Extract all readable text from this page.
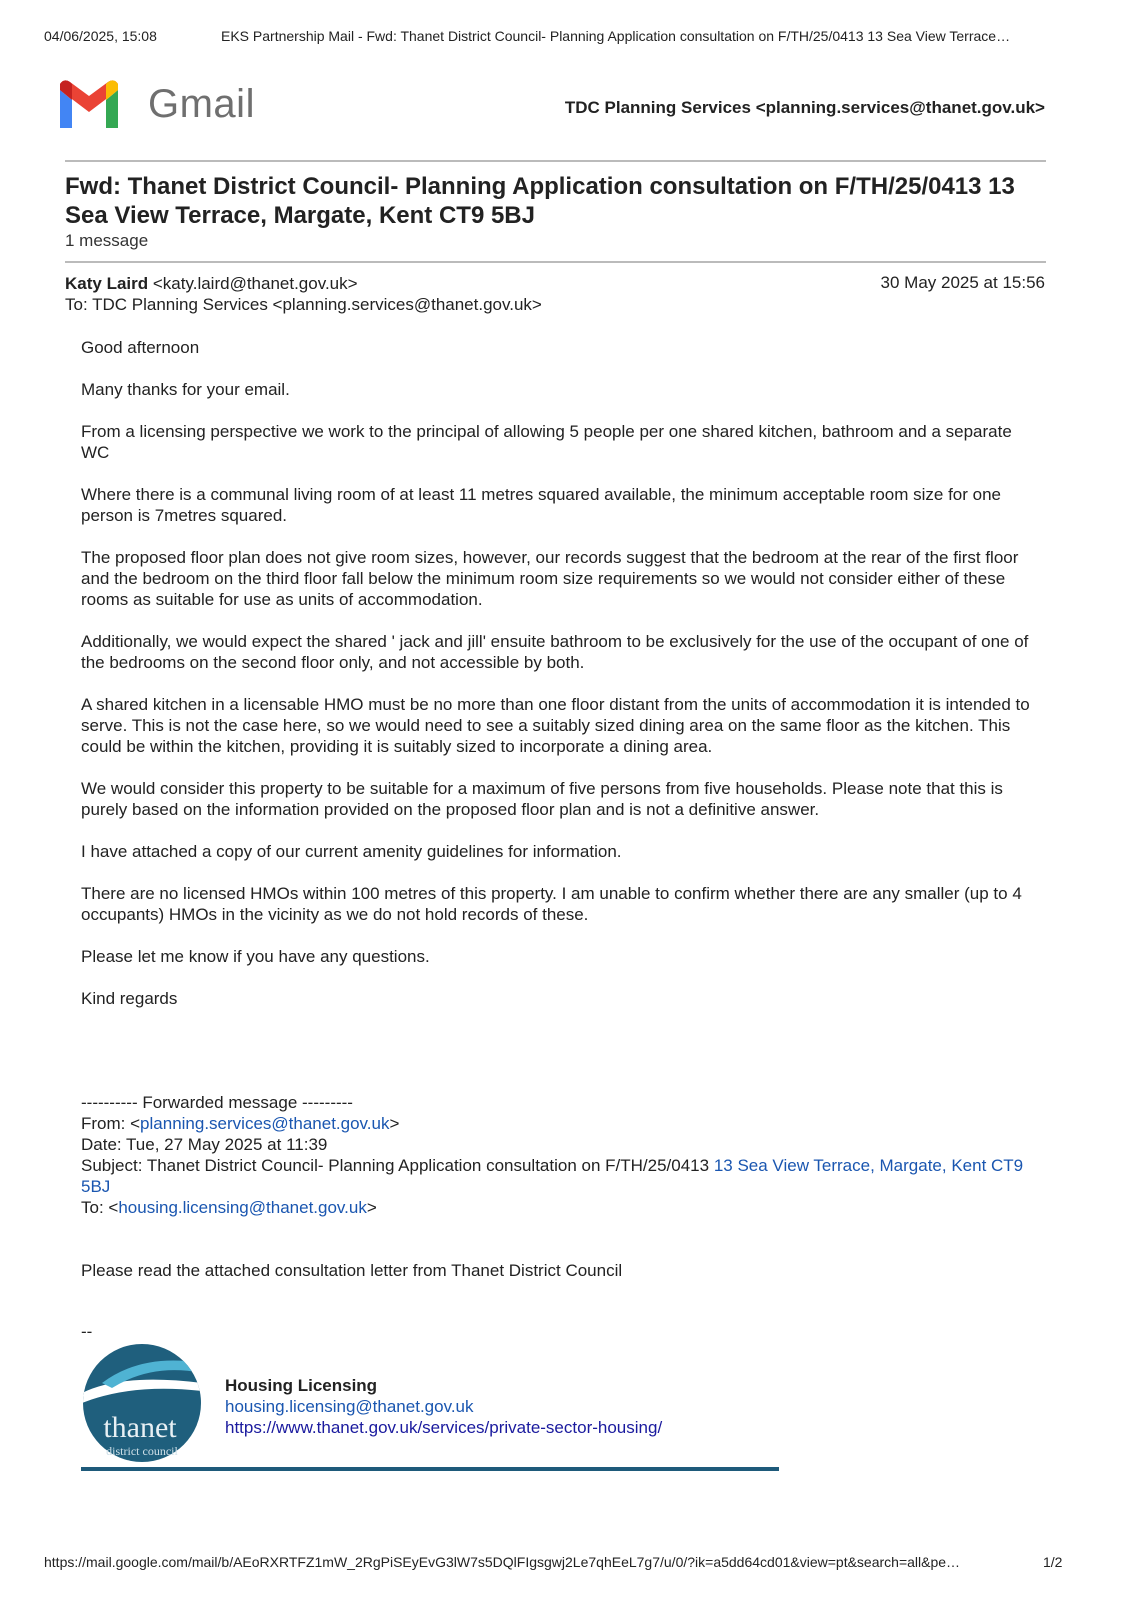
04/06/2025, 15:08	EKS Partnership Mail - Fwd: Thanet District Council- Planning Application consultation on F/TH/25/0413 13 Sea View Terrace…
Gmail	TDC Planning Services <planning.services@thanet.gov.uk>
Fwd: Thanet District Council- Planning Application consultation on F/TH/25/0413 13 Sea View Terrace, Margate, Kent CT9 5BJ
1 message
Katy Laird <katy.laird@thanet.gov.uk>
To: TDC Planning Services <planning.services@thanet.gov.uk>
30 May 2025 at 15:56

Good afternoon

Many thanks for your email.

From a licensing perspective we work to the principal of allowing 5 people per one shared kitchen, bathroom and a separate WC

Where there is a communal living room of at least 11 metres squared available, the minimum acceptable room size for one person is 7metres squared.

The proposed floor plan does not give room sizes, however, our records suggest that the bedroom at the rear of the first floor and the bedroom on the third floor fall below the minimum room size requirements so we would not consider either of these rooms as suitable for use as units of accommodation.

Additionally, we would expect the shared ' jack and jill' ensuite bathroom to be exclusively for the use of the occupant of one of the bedrooms on the second floor only, and not accessible by both.

A shared kitchen in a licensable HMO must be no more than one floor distant from the units of accommodation it is intended to serve. This is not the case here, so we would need to see a suitably sized dining area on the same floor as the kitchen. This could be within the kitchen, providing it is suitably sized to incorporate a dining area.

We would consider this property to be suitable for a maximum of five persons from five households. Please note that this is purely based on the information provided on the proposed floor plan and is not a definitive answer.

I have attached a copy of our current amenity guidelines for information.

There are no licensed HMOs within 100 metres of this property. I am unable to confirm whether there are any smaller (up to 4 occupants) HMOs in the vicinity as we do not hold records of these.

Please let me know if you have any questions.

Kind regards

---------- Forwarded message ---------
From: <planning.services@thanet.gov.uk>
Date: Tue, 27 May 2025 at 11:39
Subject: Thanet District Council- Planning Application consultation on F/TH/25/0413 13 Sea View Terrace, Margate, Kent CT9 5BJ
To: <housing.licensing@thanet.gov.uk>
Please read the attached consultation letter from Thanet District Council
--
thanet
district council
Housing Licensing
housing.licensing@thanet.gov.uk
https://www.thanet.gov.uk/services/private-sector-housing/
https://mail.google.com/mail/b/AEoRXRTFZ1mW_2RgPiSEyEvG3lW7s5DQlFIgsgwj2Le7qhEeL7g7/u/0/?ik=a5dd64cd01&view=pt&search=all&pe…	1/2
